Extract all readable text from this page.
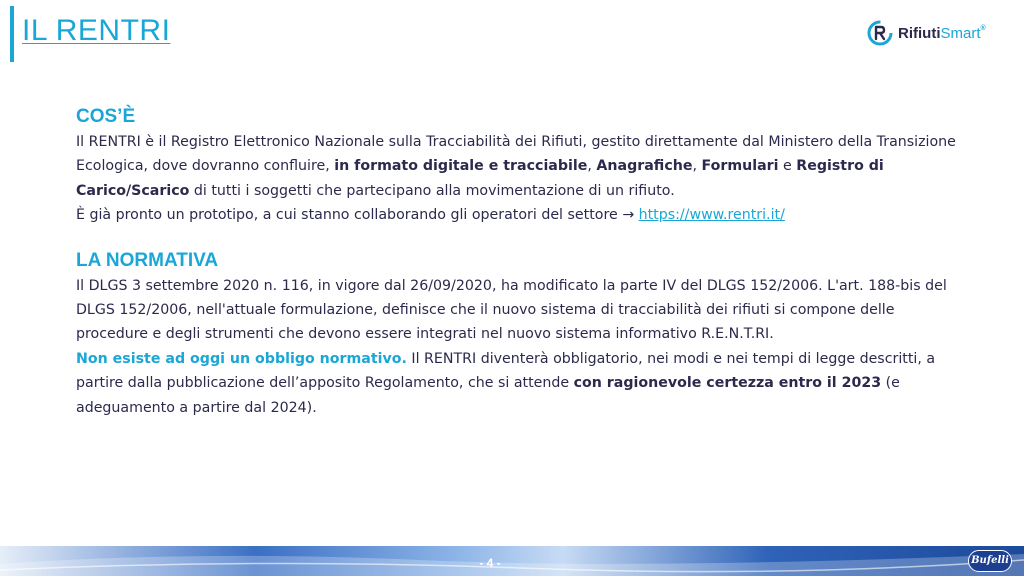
IL RENTRI	RifiutiSmart®
COS’È

Il RENTRI è il Registro Elettronico Nazionale sulla Tracciabilità dei Rifiuti, gestito direttamente dal Ministero della Transizione Ecologica, dove dovranno confluire, in formato digitale e tracciabile, Anagrafiche, Formulari e Registro di Carico/Scarico di tutti i soggetti che partecipano alla movimentazione di un rifiuto.
È già pronto un prototipo, a cui stanno collaborando gli operatori del settore → https://www.rentri.it/

LA NORMATIVA

Il DLGS 3 settembre 2020 n. 116, in vigore dal 26/09/2020, ha modificato la parte IV del DLGS 152/2006. L'art. 188-bis del DLGS 152/2006, nell'attuale formulazione, definisce che il nuovo sistema di tracciabilità dei rifiuti si compone delle procedure e degli strumenti che devono essere integrati nel nuovo sistema informativo R.E.N.T.RI.

Non esiste ad oggi un obbligo normativo. Il RENTRI diventerà obbligatorio, nei modi e nei tempi di legge descritti, a partire dalla pubblicazione dell’apposito Regolamento, che si attende con ragionevole certezza entro il 2023 (e adeguamento a partire dal 2024).

- 4 -	Bufelli
